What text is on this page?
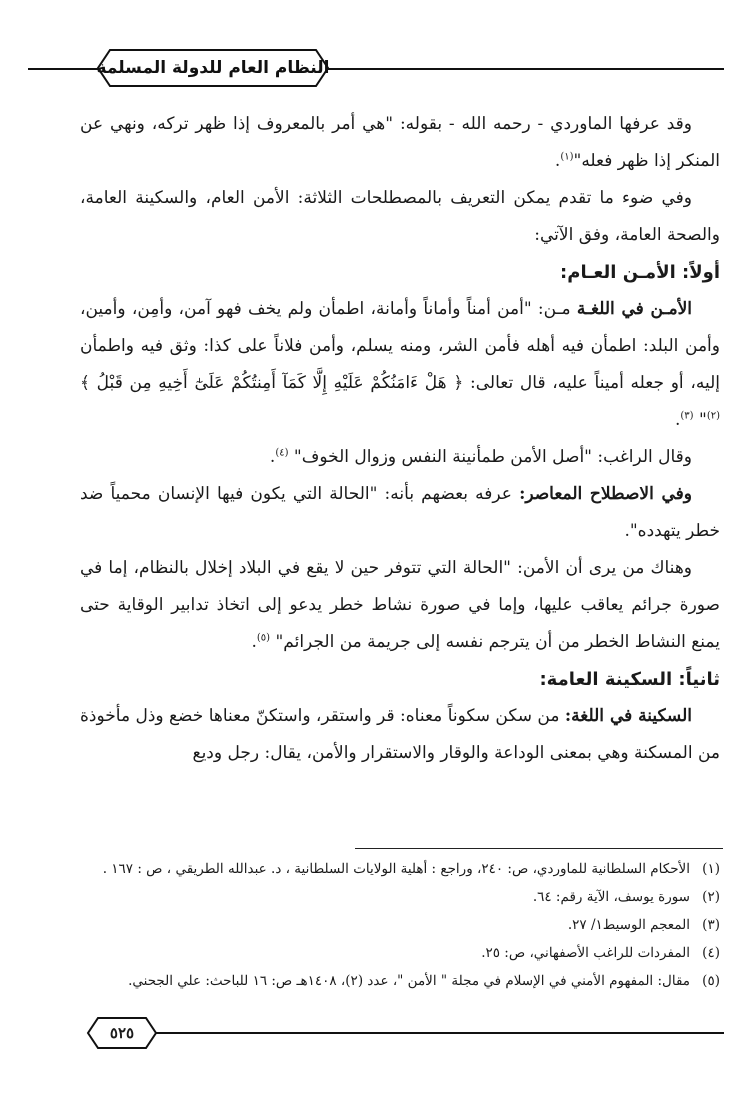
النظام العام للدولة المسلمة

وقد عرفها الماوردي - رحمه الله - بقوله: "هي أمر بالمعروف إذا ظهر تركه، ونهي عن المنكر إذا ظهر فعله"$^{(١)}$.

وفي ضوء ما تقدم يمكن التعريف بالمصطلحات الثلاثة: الأمن العام، والسكينة العامة، والصحة العامة، وفق الآتي:

أولاً: الأمـن العـام:

الأمـن في اللغـة مـن: "أمن أمناً وأماناً وأمانة، اطمأن ولم يخف فهو آمن، وأمِن، وأمين، وأمن البلد: اطمأن فيه أهله فأمن الشر، ومنه يسلم، وأمن فلاناً على كذا: وثق فيه واطمأن إليه، أو جعله أميناً عليه، قال تعالى: ﴿ هَلْ ءَامَنُكُمْ عَلَيْهِ إِلَّا كَمَآ أَمِنتُكُمْ عَلَىٰٓ أَخِيهِ مِن قَبْلُ ﴾ $^{(٢)}$" $^{(٣)}$.

وقال الراغب: "أصل الأمن طمأنينة النفس وزوال الخوف" $^{(٤)}$.

وفي الاصطلاح المعاصر: عرفه بعضهم بأنه: "الحالة التي يكون فيها الإنسان محمياً ضد خطر يتهدده".

وهناك من يرى أن الأمن: "الحالة التي تتوفر حين لا يقع في البلاد إخلال بالنظام، إما في صورة جرائم يعاقب عليها، وإما في صورة نشاط خطر يدعو إلى اتخاذ تدابير الوقاية حتى يمنع النشاط الخطر من أن يترجم نفسه إلى جريمة من الجرائم" $^{(٥)}$.

ثانياً: السكينة العامة:

السكينة في اللغة: من سكن سكوناً معناه: قر واستقر، واستكنّ معناها خضع وذل مأخوذة من المسكنة وهي بمعنى الوداعة والوقار والاستقرار والأمن، يقال: رجل وديع

(١)
الأحكام السلطانية للماوردي، ص: ٢٤٠، وراجع : أهلية الولايات السلطانية ، د. عبدالله الطريقي ، ص : ١٦٧ .
(٢)
سورة يوسف، الآية رقم: ٦٤.
(٣)
المعجم الوسيط١/ ٢٧.
(٤)
المفردات للراغب الأصفهاني، ص: ٢٥.
(٥)
مقال: المفهوم الأمني في الإسلام في مجلة " الأمن "، عدد (٢)، ١٤٠٨هـ ص: ١٦ للباحث: علي الجحني.
٥٢٥
